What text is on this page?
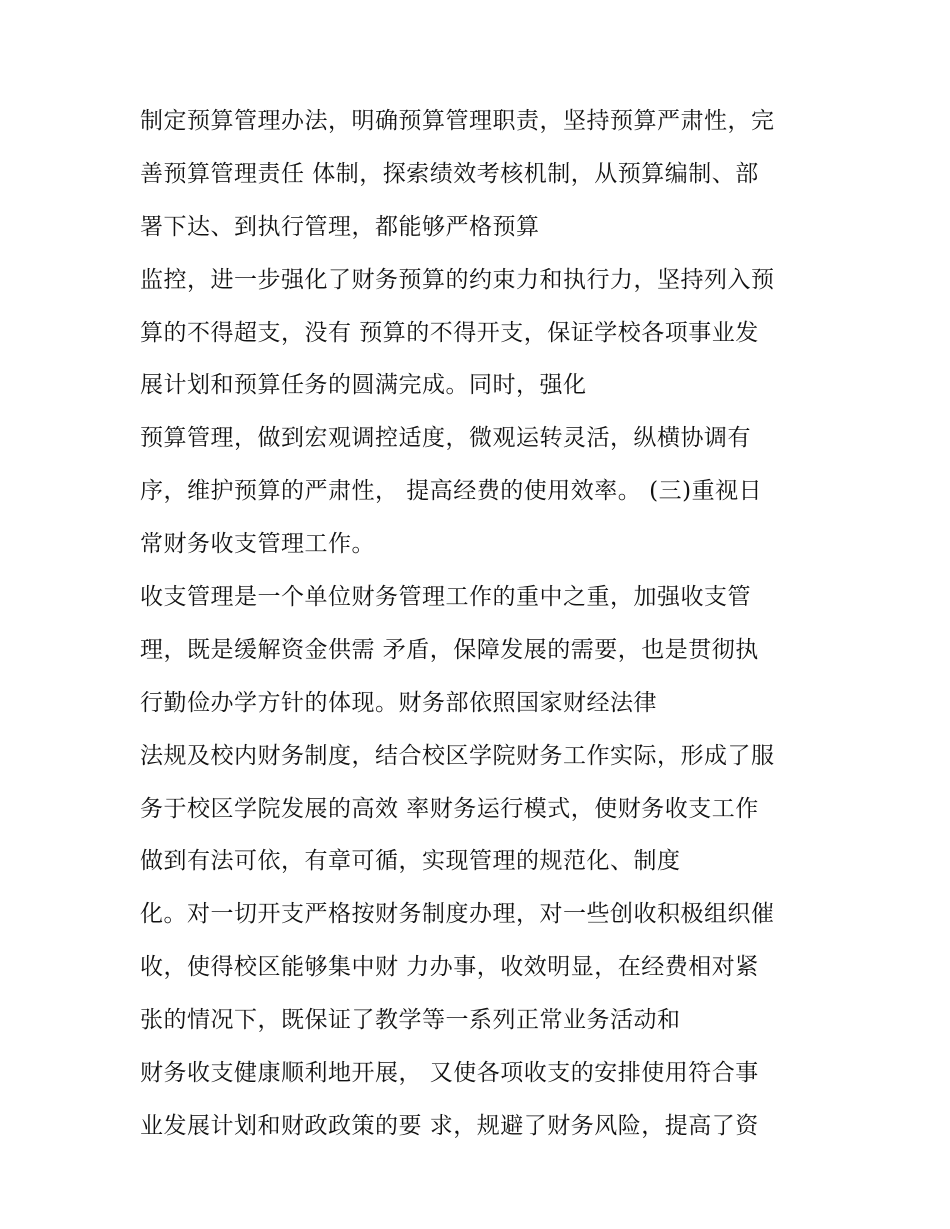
制定预算管理办法，明确预算管理职责，坚持预算严肃性，完
善预算管理责任 体制，探索绩效考核机制，从预算编制、部
署下达、到执行管理，都能够严格预算
监控，进一步强化了财务预算的约束力和执行力，坚持列入预
算的不得超支，没有 预算的不得开支，保证学校各项事业发
展计划和预算任务的圆满完成。同时，强化
预算管理，做到宏观调控适度，微观运转灵活，纵横协调有
序，维护预算的严肃性， 提高经费的使用效率。 (三)重视日
常财务收支管理工作。
收支管理是一个单位财务管理工作的重中之重，加强收支管
理，既是缓解资金供需 矛盾，保障发展的需要，也是贯彻执
行勤俭办学方针的体现。财务部依照国家财经法律
法规及校内财务制度，结合校区学院财务工作实际，形成了服
务于校区学院发展的高效 率财务运行模式，使财务收支工作
做到有法可依，有章可循，实现管理的规范化、制度
化。对一切开支严格按财务制度办理，对一些创收积极组织催
收，使得校区能够集中财 力办事，收效明显，在经费相对紧
张的情况下，既保证了教学等一系列正常业务活动和
财务收支健康顺利地开展， 又使各项收支的安排使用符合事
业发展计划和财政政策的要 求，规避了财务风险，提高了资
